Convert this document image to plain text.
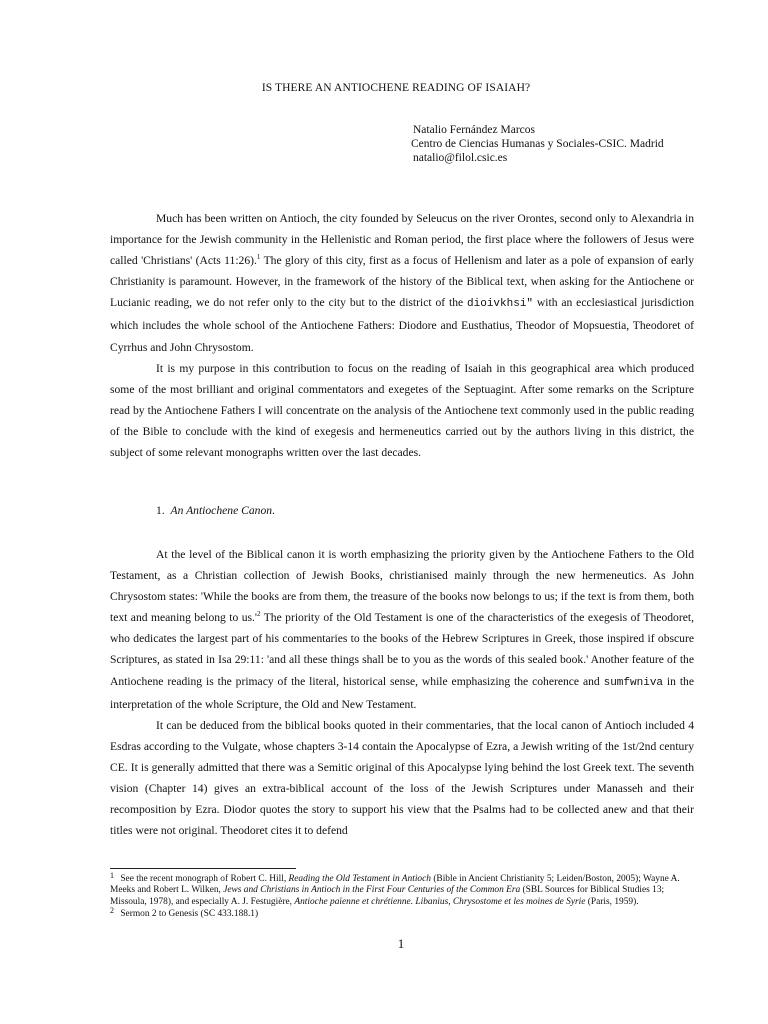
IS THERE AN ANTIOCHENE READING OF ISAIAH?
Natalio Fernández Marcos
Centro de Ciencias Humanas y Sociales-CSIC. Madrid
natalio@filol.csic.es

Much has been written on Antioch, the city founded by Seleucus on the river Orontes, second only to Alexandria in importance for the Jewish community in the Hellenistic and Roman period, the first place where the followers of Jesus were called 'Christians' (Acts 11:26).$^1$ The glory of this city, first as a focus of Hellenism and later as a pole of expansion of early Christianity is paramount. However, in the framework of the history of the Biblical text, when asking for the Antiochene or Lucianic reading, we do not refer only to the city but to the district of the dioivkhsi" with an ecclesiastical jurisdiction which includes the whole school of the Antiochene Fathers: Diodore and Eusthatius, Theodor of Mopsuestia, Theodoret of Cyrrhus and John Chrysostom.

It is my purpose in this contribution to focus on the reading of Isaiah in this geographical area which produced some of the most brilliant and original commentators and exegetes of the Septuagint. After some remarks on the Scripture read by the Antiochene Fathers I will concentrate on the analysis of the Antiochene text commonly used in the public reading of the Bible to conclude with the kind of exegesis and hermeneutics carried out by the authors living in this district, the subject of some relevant monographs written over the last decades.

1. An Antiochene Canon.

At the level of the Biblical canon it is worth emphasizing the priority given by the Antiochene Fathers to the Old Testament, as a Christian collection of Jewish Books, christianised mainly through the new hermeneutics. As John Chrysostom states: 'While the books are from them, the treasure of the books now belongs to us; if the text is from them, both text and meaning belong to $us.'^2$ The priority of the Old Testament is one of the characteristics of the exegesis of Theodoret, who dedicates the largest part of his commentaries to the books of the Hebrew Scriptures in Greek, those inspired if obscure Scriptures, as stated in Isa 29:11: 'and all these things shall be to you as the words of this sealed book.' Another feature of the Antiochene reading is the primacy of the literal, historical sense, while emphasizing the coherence and sumfwniva in the interpretation of the whole Scripture, the Old and New Testament.

It can be deduced from the biblical books quoted in their commentaries, that the local canon of Antioch included 4 Esdras according to the Vulgate, whose chapters 3-14 contain the Apocalypse of Ezra, a Jewish writing of the 1st/2nd century CE. It is generally admitted that there was a Semitic original of this Apocalypse lying behind the lost Greek text. The seventh vision (Chapter 14) gives an extra-biblical account of the loss of the Jewish Scriptures under Manasseh and their recomposition by Ezra. Diodor quotes the story to support his view that the Psalms had to be collected anew and that their titles were not original. Theodoret cites it to defend

1 See the recent monograph of Robert C. Hill, Reading the Old Testament in Antioch (Bible in Ancient Christianity 5; Leiden/Boston, 2005); Wayne A. Meeks and Robert L. Wilken, Jews and Christians in Antioch in the First Four Centuries of the Common Era (SBL Sources for Biblical Studies 13; Missoula, 1978), and especially A. J. Festugière, Antioche païenne et chrétienne. Libanius, Chrysostome et les moines de Syrie (Paris, 1959).
2 Sermon 2 to Genesis (SC 433.188.1)
1
